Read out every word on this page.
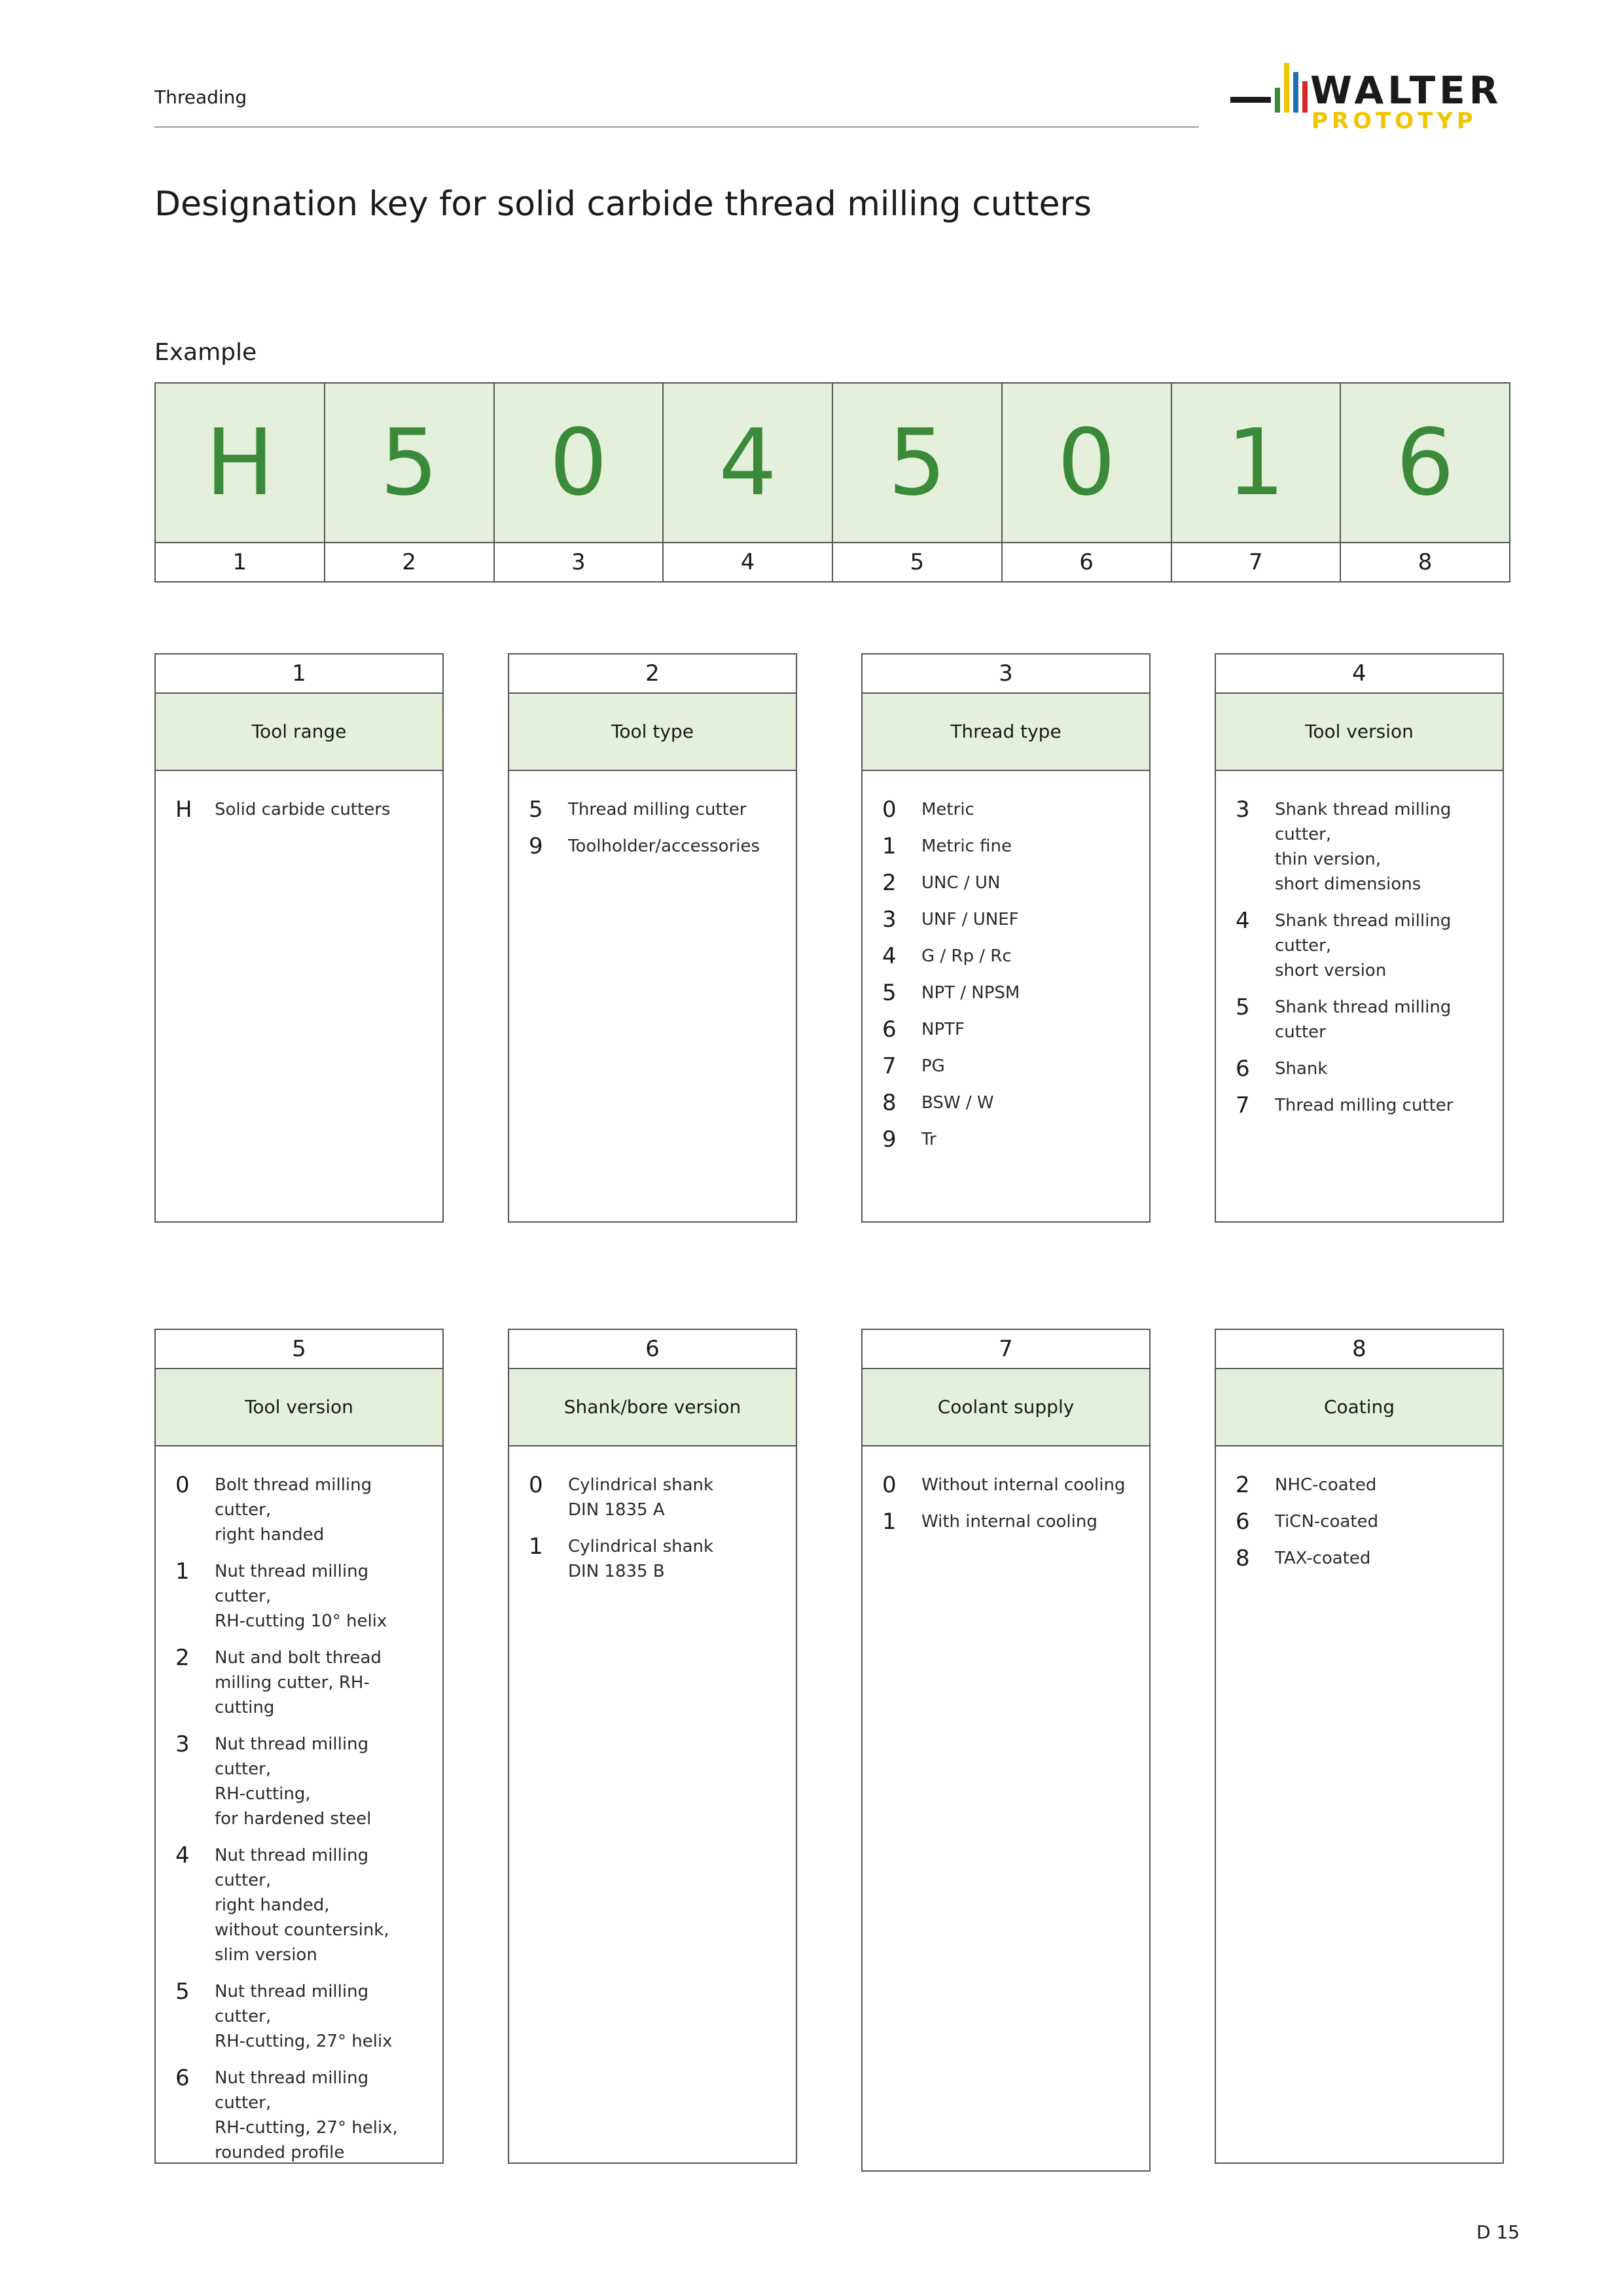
Threading	WALTER
PROTOTYP
Designation key for solid carbide thread milling cutters
Example
H	5	0	4	5	0	1	6
1	2	3	4	5	6	7	8
1
Tool range
H	Solid carbide cutters
2
Tool type
5	Thread milling cutter
9	Toolholder/accessories
3
Thread type
0	Metric
1	Metric fine
2	UNC / UN
3	UNF / UNEF
4	G / Rp / Rc
5	NPT / NPSM
6	NPTF
7	PG
8	BSW / W
9	Tr
4
Tool version
3	Shank thread milling cutter,
thin version,
short dimensions
4	Shank thread milling cutter,
short version
5	Shank thread milling cutter
6	Shank
7	Thread milling cutter
5
Tool version
0	Bolt thread milling cutter,
right handed
1	Nut thread milling cutter,
RH-cutting 10° helix
2	Nut and bolt thread
milling cutter, RH-cutting
3	Nut thread milling cutter,
RH-cutting,
for hardened steel
4	Nut thread milling cutter,
right handed,
without countersink,
slim version
5	Nut thread milling cutter,
RH-cutting, 27° helix
6	Nut thread milling cutter,
RH-cutting, 27° helix,
rounded profile
6
Shank/bore version
0	Cylindrical shank
DIN 1835 A
1	Cylindrical shank
DIN 1835 B
7
Coolant supply
0	Without internal cooling
1	With internal cooling
8
Coating
2	NHC-coated
6	TiCN-coated
8	TAX-coated
D 15
